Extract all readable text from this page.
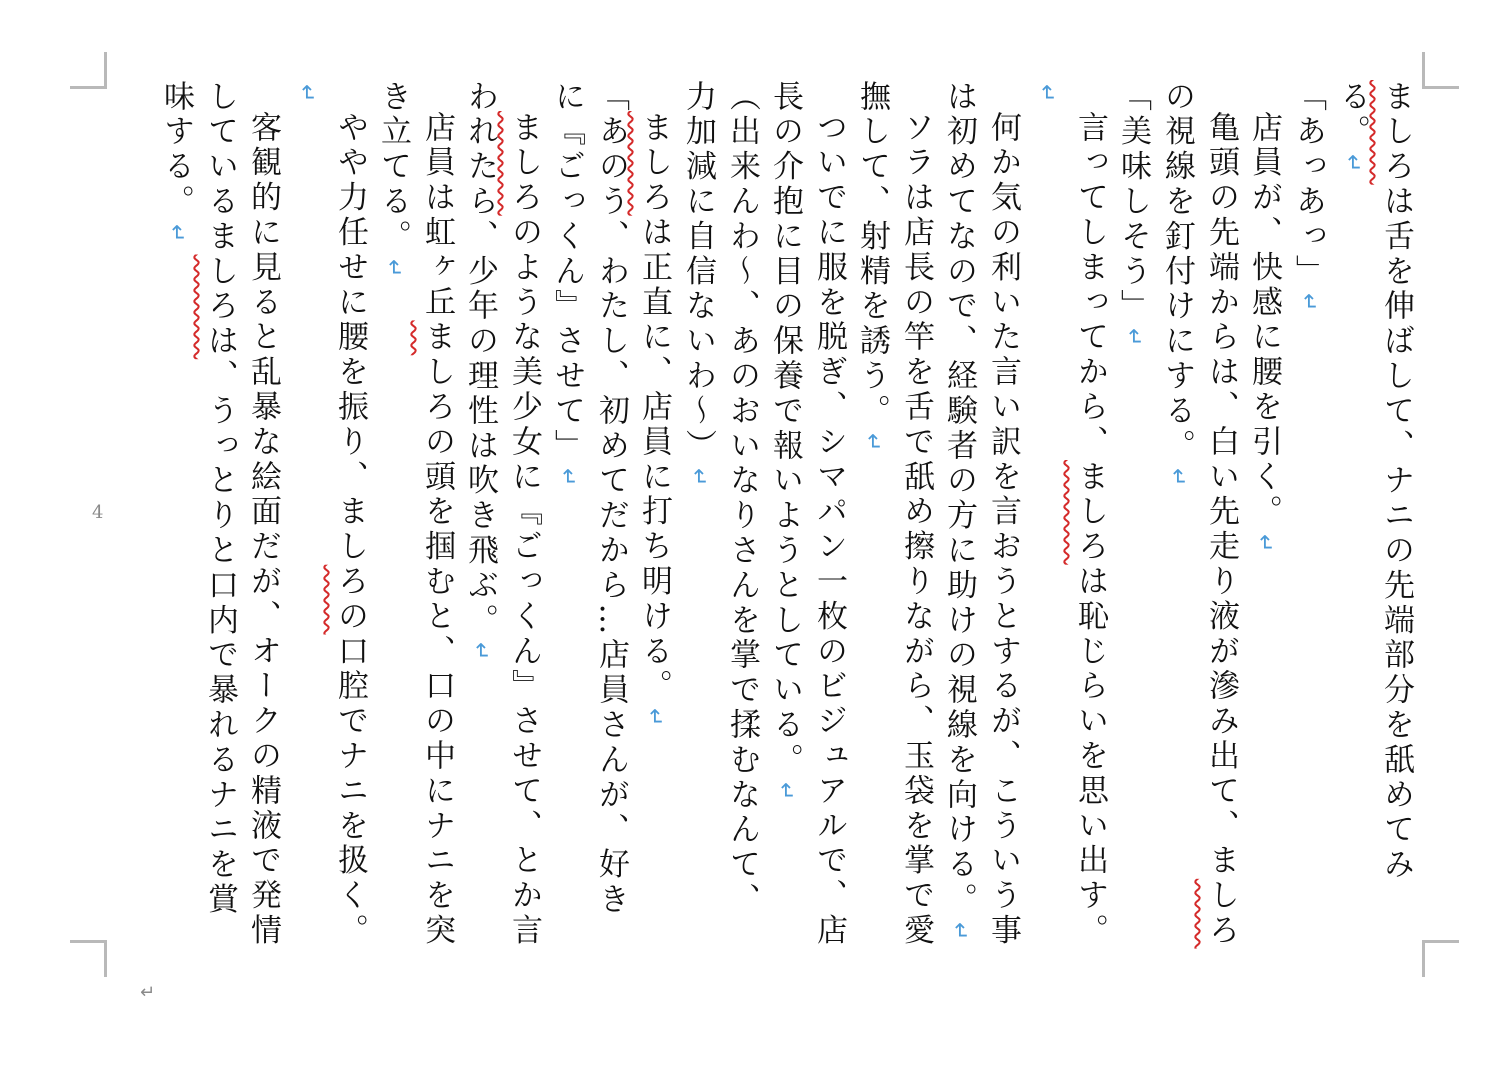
4

ましろは舌を伸ばして、ナニの先端部分を舐めてみる。↵

「あっあっ」↵

店員が、快感に腰を引く。↵

亀頭の先端からは、白い先走り液が滲み出て、ましろの視線を釘付けにする。↵

「美味しそう」↵

言ってしまってから、ましろは恥じらいを思い出す。↵

何か気の利いた言い訳を言おうとするが、こういう事は初めてなので、経験者の方に助けの視線を向ける。↵

ソラは店長の竿を舌で舐め擦りながら、玉袋を掌で愛撫して、射精を誘う。↵

ついでに服を脱ぎ、シマパン一枚のビジュアルで、店長の介抱に目の保養で報いようとしている。↵

（出来んわ～、あのおいなりさんを掌で揉むなんて、力加減に自信ないわ～）↵

ましろは正直に、店員に打ち明ける。↵

「あのう、わたし、初めてだから…店員さんが、好きに『ごっくん』させて」↵

ましろのような美少女に『ごっくん』させて、とか言われたら、少年の理性は吹き飛ぶ。↵

店員は虹ヶ丘ましろの頭を掴むと、口の中にナニを突き立てる。↵

やや力任せに腰を振り、ましろの口腔でナニを扱く。↵

客観的に見ると乱暴な絵面だが、オークの精液で発情しているましろは、うっとりと口内で暴れるナニを賞味する。↵

↵
